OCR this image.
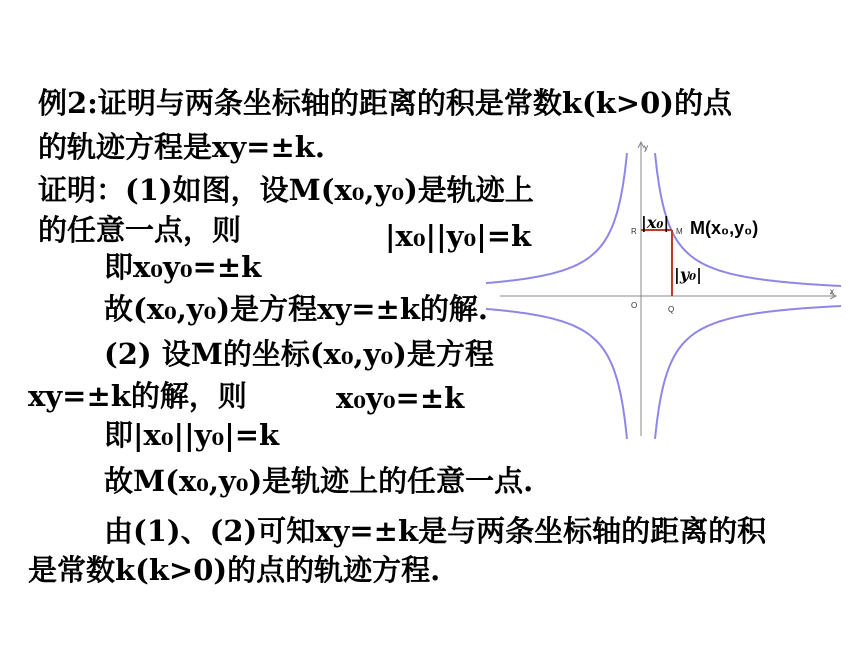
例2:证明与两条坐标轴的距离的积是常数k(k>0)的点
的轨迹方程是xy=±k.
证明：(1)如图，设M(x₀,y₀)是轨迹上
的任意一点，则
即x₀y₀=±k
故(x₀,y₀)是方程xy=±k的解.
(2) 设M的坐标(x₀,y₀)是方程
xy=±k的解，则
即|x₀||y₀|=k
故M(x₀,y₀)是轨迹上的任意一点.
由(1)、(2)可知xy=±k是与两条坐标轴的距离的积
是常数k(k>0)的点的轨迹方程.
|x₀||y₀|=k
x₀y₀=±k
R	M
O	Q
x
y
|x₀|
|y₀|
M(x₀,y₀)
